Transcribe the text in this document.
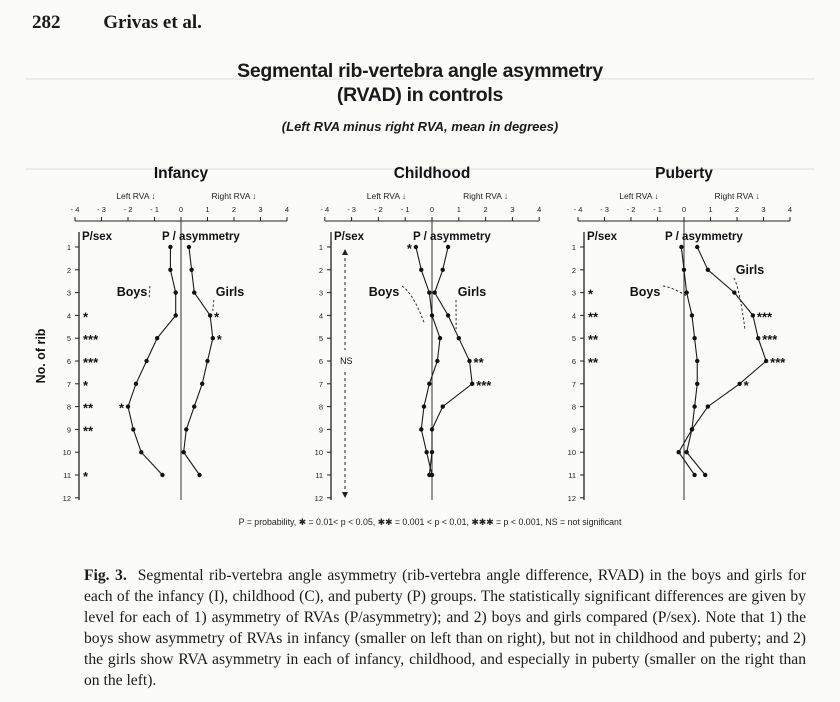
282 Grivas et al.
Segmental rib-vertebra angle asymmetry
(RVAD) in controls
(Left RVA minus right RVA, mean in degrees)
Infancy
Left RVA ↓	Right RVA ↓
- 4 - 3 - 2 - 1	0	1	2	3	4
1
2
3
4
5
6
7
8
9
10
11
12
P/sex	P / asymmetry
*
***
***
*
**
**
*
*
Boys
*
*
Girls
Childhood
Left RVA ↓	Right RVA ↓
- 4 - 3 - 2 - 1	0	1	2	3	4
1
2
3
4
5
6
7
8
9
10
11
12
P/sex	P / asymmetry
NS
*
Boys
**
***
Girls
Puberty
Left RVA ↓	Right RVA ↓
- 4 - 3 - 2 - 1	0	1	2	3	4
1
2
3
4
5
6
7
8
9
10
11
12
P/sex	P / asymmetry
*
**
**
**
Boys
***
***
***
*
Girls
No. of rib
P = probability, ✱ = 0.01< p < 0.05, ✱✱ = 0.001 < p < 0.01, ✱✱✱ = p < 0.001, NS = not significant
Fig. 3. Segmental rib-vertebra angle asymmetry (rib-vertebra angle difference, RVAD) in the boys and girls for each of the infancy (I), childhood (C), and puberty (P) groups. The statistically significant differences are given by level for each of 1) asymmetry of RVAs (P/asymmetry); and 2) boys and girls compared (P/sex). Note that 1) the boys show asymmetry of RVAs in infancy (smaller on left than on right), but not in childhood and puberty; and 2) the girls show RVA asymmetry in each of infancy, childhood, and especially in puberty (smaller on the right than on the left).
